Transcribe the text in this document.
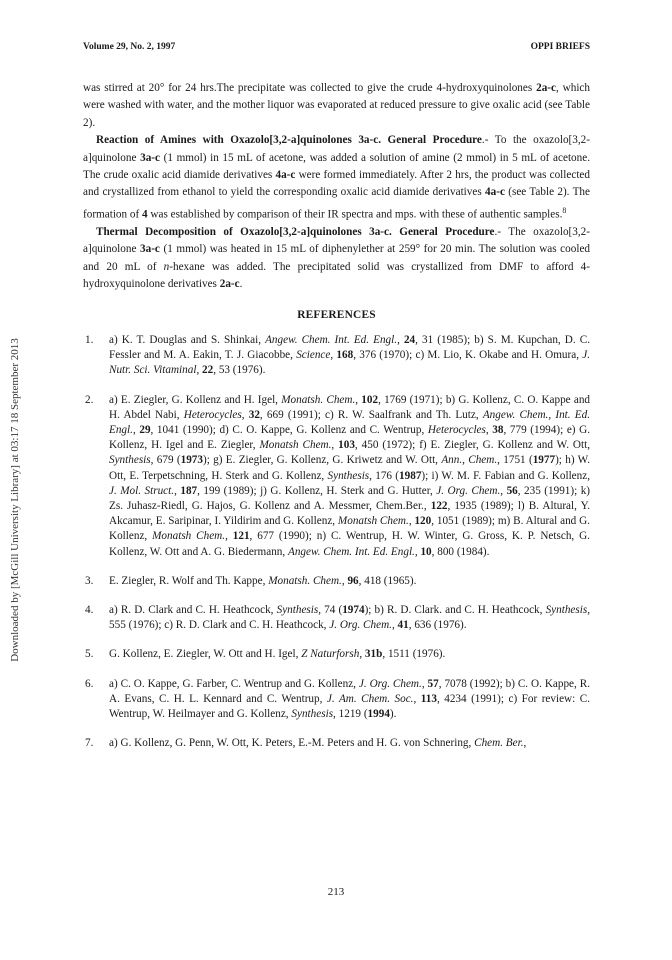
Downloaded by [McGill University Library] at 03:17 18 September 2013
Volume 29, No. 2, 1997	OPPI BRIEFS

was stirred at 20° for 24 hrs.The precipitate was collected to give the crude 4-hydroxyquinolones 2a-c, which were washed with water, and the mother liquor was evaporated at reduced pressure to give oxalic acid (see Table 2).

Reaction of Amines with Oxazolo[3,2-a]quinolones 3a-c. General Procedure.- To the oxazolo[3,2-a]quinolone 3a-c (1 mmol) in 15 mL of acetone, was added a solution of amine (2 mmol) in 5 mL of acetone. The crude oxalic acid diamide derivatives 4a-c were formed immediately. After 2 hrs, the product was collected and crystallized from ethanol to yield the corresponding oxalic acid diamide derivatives 4a-c (see Table 2). The formation of 4 was established by comparison of their IR spectra and mps. with these of authentic samples.$^8$

Thermal Decomposition of Oxazolo[3,2-a]quinolones 3a-c. General Procedure.- The oxazolo[3,2-a]quinolone 3a-c (1 mmol) was heated in 15 mL of diphenylether at 259° for 20 min. The solution was cooled and 20 mL of n-hexane was added. The precipitated solid was crystallized from DMF to afford 4-hydroxyquinolone derivatives 2a-c.

REFERENCES
1.	a) K. T. Douglas and S. Shinkai, Angew. Chem. Int. Ed. Engl., 24, 31 (1985); b) S. M. Kupchan, D. C. Fessler and M. A. Eakin, T. J. Giacobbe, Science, 168, 376 (1970); c) M. Lio, K. Okabe and H. Omura, J. Nutr. Sci. Vitaminal, 22, 53 (1976).
2.	a) E. Ziegler, G. Kollenz and H. Igel, Monatsh. Chem., 102, 1769 (1971); b) G. Kollenz, C. O. Kappe and H. Abdel Nabi, Heterocycles, 32, 669 (1991); c) R. W. Saalfrank and Th. Lutz, Angew. Chem., Int. Ed. Engl., 29, 1041 (1990); d) C. O. Kappe, G. Kollenz and C. Wentrup, Heterocycles, 38, 779 (1994); e) G. Kollenz, H. Igel and E. Ziegler, Monatsh Chem., 103, 450 (1972); f) E. Ziegler, G. Kollenz and W. Ott, Synthesis, 679 (1973); g) E. Ziegler, G. Kollenz, G. Kriwetz and W. Ott, Ann., Chem., 1751 (1977); h) W. Ott, E. Terpetschning, H. Sterk and G. Kollenz, Synthesis, 176 (1987); i) W. M. F. Fabian and G. Kollenz, J. Mol. Struct., 187, 199 (1989); j) G. Kollenz, H. Sterk and G. Hutter, J. Org. Chem., 56, 235 (1991); k) Zs. Juhasz-Riedl, G. Hajos, G. Kollenz and A. Messmer, Chem.Ber., 122, 1935 (1989); l) B. Altural, Y. Akcamur, E. Saripinar, I. Yildirim and G. Kollenz, Monatsh Chem., 120, 1051 (1989); m) B. Altural and G. Kollenz, Monatsh Chem., 121, 677 (1990); n) C. Wentrup, H. W. Winter, G. Gross, K. P. Netsch, G. Kollenz, W. Ott and A. G. Biedermann, Angew. Chem. Int. Ed. Engl., 10, 800 (1984).
3.	E. Ziegler, R. Wolf and Th. Kappe, Monatsh. Chem., 96, 418 (1965).
4.	a) R. D. Clark and C. H. Heathcock, Synthesis, 74 (1974); b) R. D. Clark. and C. H. Heathcock, Synthesis, 555 (1976); c) R. D. Clark and C. H. Heathcock, J. Org. Chem., 41, 636 (1976).
5.	G. Kollenz, E. Ziegler, W. Ott and H. Igel, Z Naturforsh, 31b, 1511 (1976).
6.	a) C. O. Kappe, G. Farber, C. Wentrup and G. Kollenz, J. Org. Chem., 57, 7078 (1992); b) C. O. Kappe, R. A. Evans, C. H. L. Kennard and C. Wentrup, J. Am. Chem. Soc., 113, 4234 (1991); c) For review: C. Wentrup, W. Heilmayer and G. Kollenz, Synthesis, 1219 (1994).
7.	a) G. Kollenz, G. Penn, W. Ott, K. Peters, E.-M. Peters and H. G. von Schnering, Chem. Ber.,
213
